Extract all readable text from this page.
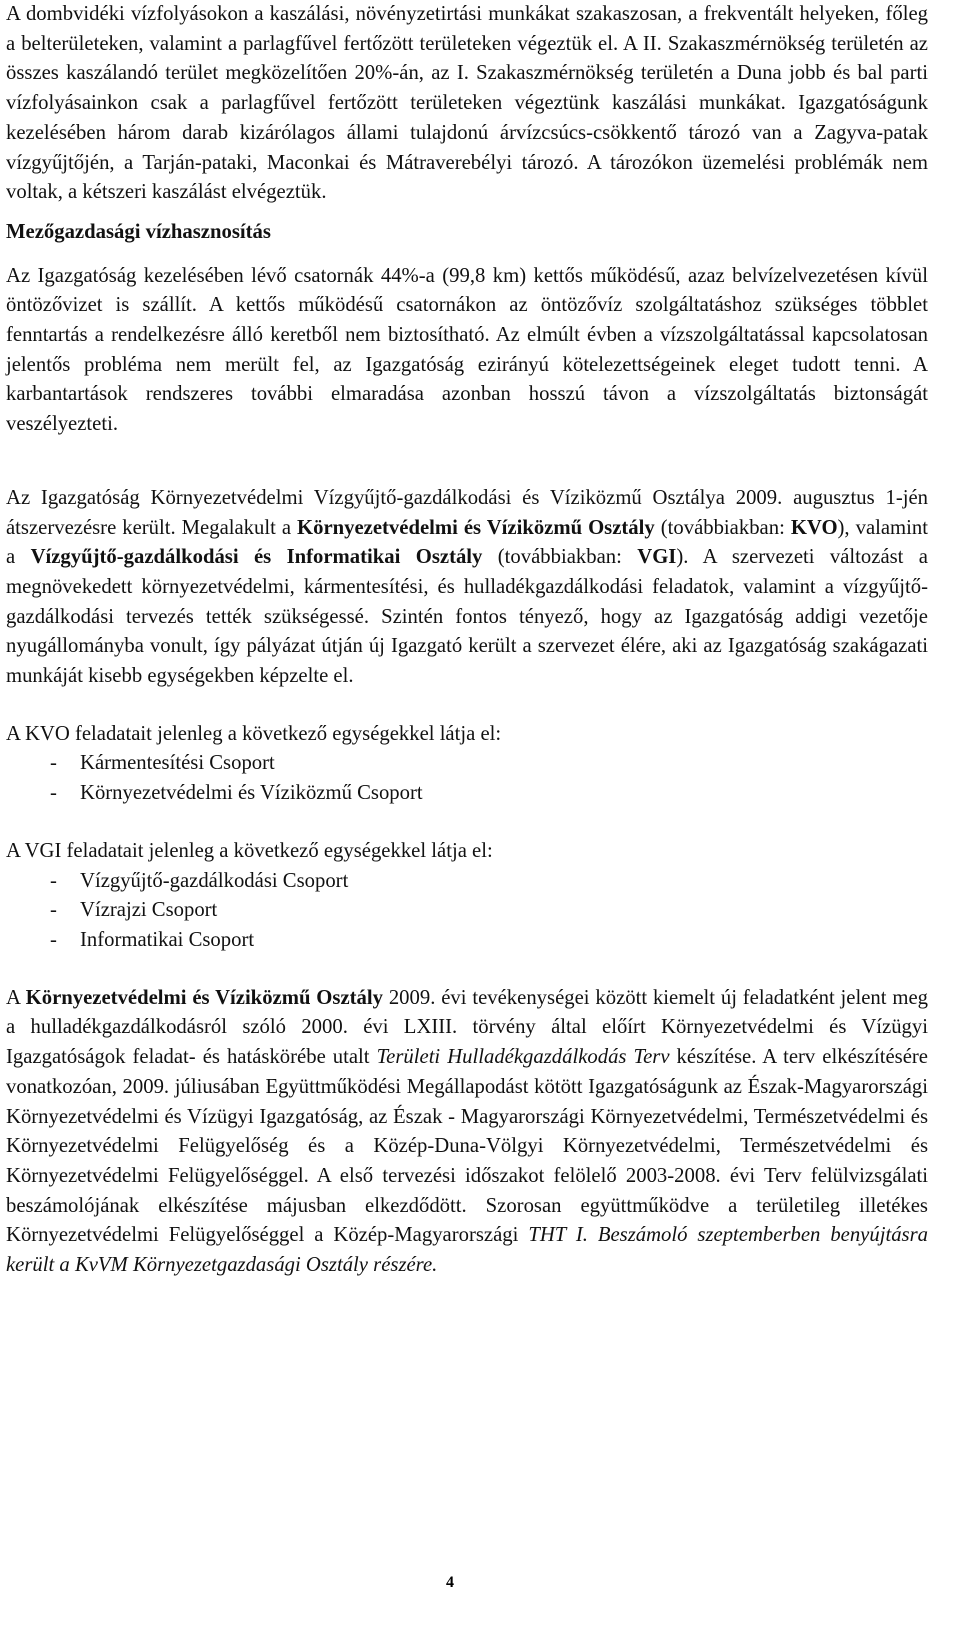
A dombvidéki vízfolyásokon a kaszálási, növényzetirtási munkákat szakaszosan, a frekventált helyeken, főleg a belterületeken, valamint a parlagfűvel fertőzött területeken végeztük el. A II. Szakaszmérnökség területén az összes kaszálandó terület megközelítően 20%-án, az I. Szakaszmérnökség területén a Duna jobb és bal parti vízfolyásainkon csak a parlagfűvel fertőzött területeken végeztünk kaszálási munkákat. Igazgatóságunk kezelésében három darab kizárólagos állami tulajdonú árvízcsúcs-csökkentő tározó van a Zagyva-patak vízgyűjtőjén, a Tarján-pataki, Maconkai és Mátraverebélyi tározó. A tározókon üzemelési problémák nem voltak, a kétszeri kaszálást elvégeztük.

Mezőgazdasági vízhasznosítás

Az Igazgatóság kezelésében lévő csatornák 44%-a (99,8 km) kettős működésű, azaz belvízelvezetésen kívül öntözővizet is szállít. A kettős működésű csatornákon az öntözővíz szolgáltatáshoz szükséges többlet fenntartás a rendelkezésre álló keretből nem biztosítható. Az elmúlt évben a vízszolgáltatással kapcsolatosan jelentős probléma nem merült fel, az Igazgatóság ezirányú kötelezettségeinek eleget tudott tenni. A karbantartások rendszeres további elmaradása azonban hosszú távon a vízszolgáltatás biztonságát veszélyezteti.

Az Igazgatóság Környezetvédelmi Vízgyűjtő-gazdálkodási és Víziközmű Osztálya 2009. augusztus 1-jén átszervezésre került. Megalakult a Környezetvédelmi és Víziközmű Osztály (továbbiakban: KVO), valamint a Vízgyűjtő-gazdálkodási és Informatikai Osztály (továbbiakban: VGI). A szervezeti változást a megnövekedett környezetvédelmi, kármentesítési, és hulladékgazdálkodási feladatok, valamint a vízgyűjtő-gazdálkodási tervezés tették szükségessé. Szintén fontos tényező, hogy az Igazgatóság addigi vezetője nyugállományba vonult, így pályázat útján új Igazgató került a szervezet élére, aki az Igazgatóság szakágazati munkáját kisebb egységekben képzelte el.

A KVO feladatait jelenleg a következő egységekkel látja el:

- Kármentesítési Csoport
- Környezetvédelmi és Víziközmű Csoport

A VGI feladatait jelenleg a következő egységekkel látja el:

- Vízgyűjtő-gazdálkodási Csoport
- Vízrajzi Csoport
- Informatikai Csoport

A Környezetvédelmi és Víziközmű Osztály 2009. évi tevékenységei között kiemelt új feladatként jelent meg a hulladékgazdálkodásról szóló 2000. évi LXIII. törvény által előírt Környezetvédelmi és Vízügyi Igazgatóságok feladat- és hatáskörébe utalt Területi Hulladékgazdálkodás Terv készítése. A terv elkészítésére vonatkozóan, 2009. júliusában Együttműködési Megállapodást kötött Igazgatóságunk az Észak-Magyarországi Környezetvédelmi és Vízügyi Igazgatóság, az Észak - Magyarországi Környezetvédelmi, Természetvédelmi és Környezetvédelmi Felügyelőség és a Közép-Duna-Völgyi Környezetvédelmi, Természetvédelmi és Környezetvédelmi Felügyelőséggel. A első tervezési időszakot felölelő 2003-2008. évi Terv felülvizsgálati beszámolójának elkészítése májusban elkezdődött. Szorosan együttműködve a területileg illetékes Környezetvédelmi Felügyelőséggel a Közép-Magyarországi THT I. Beszámoló szeptemberben benyújtásra került a KvVM Környezetgazdasági Osztály részére.

4
